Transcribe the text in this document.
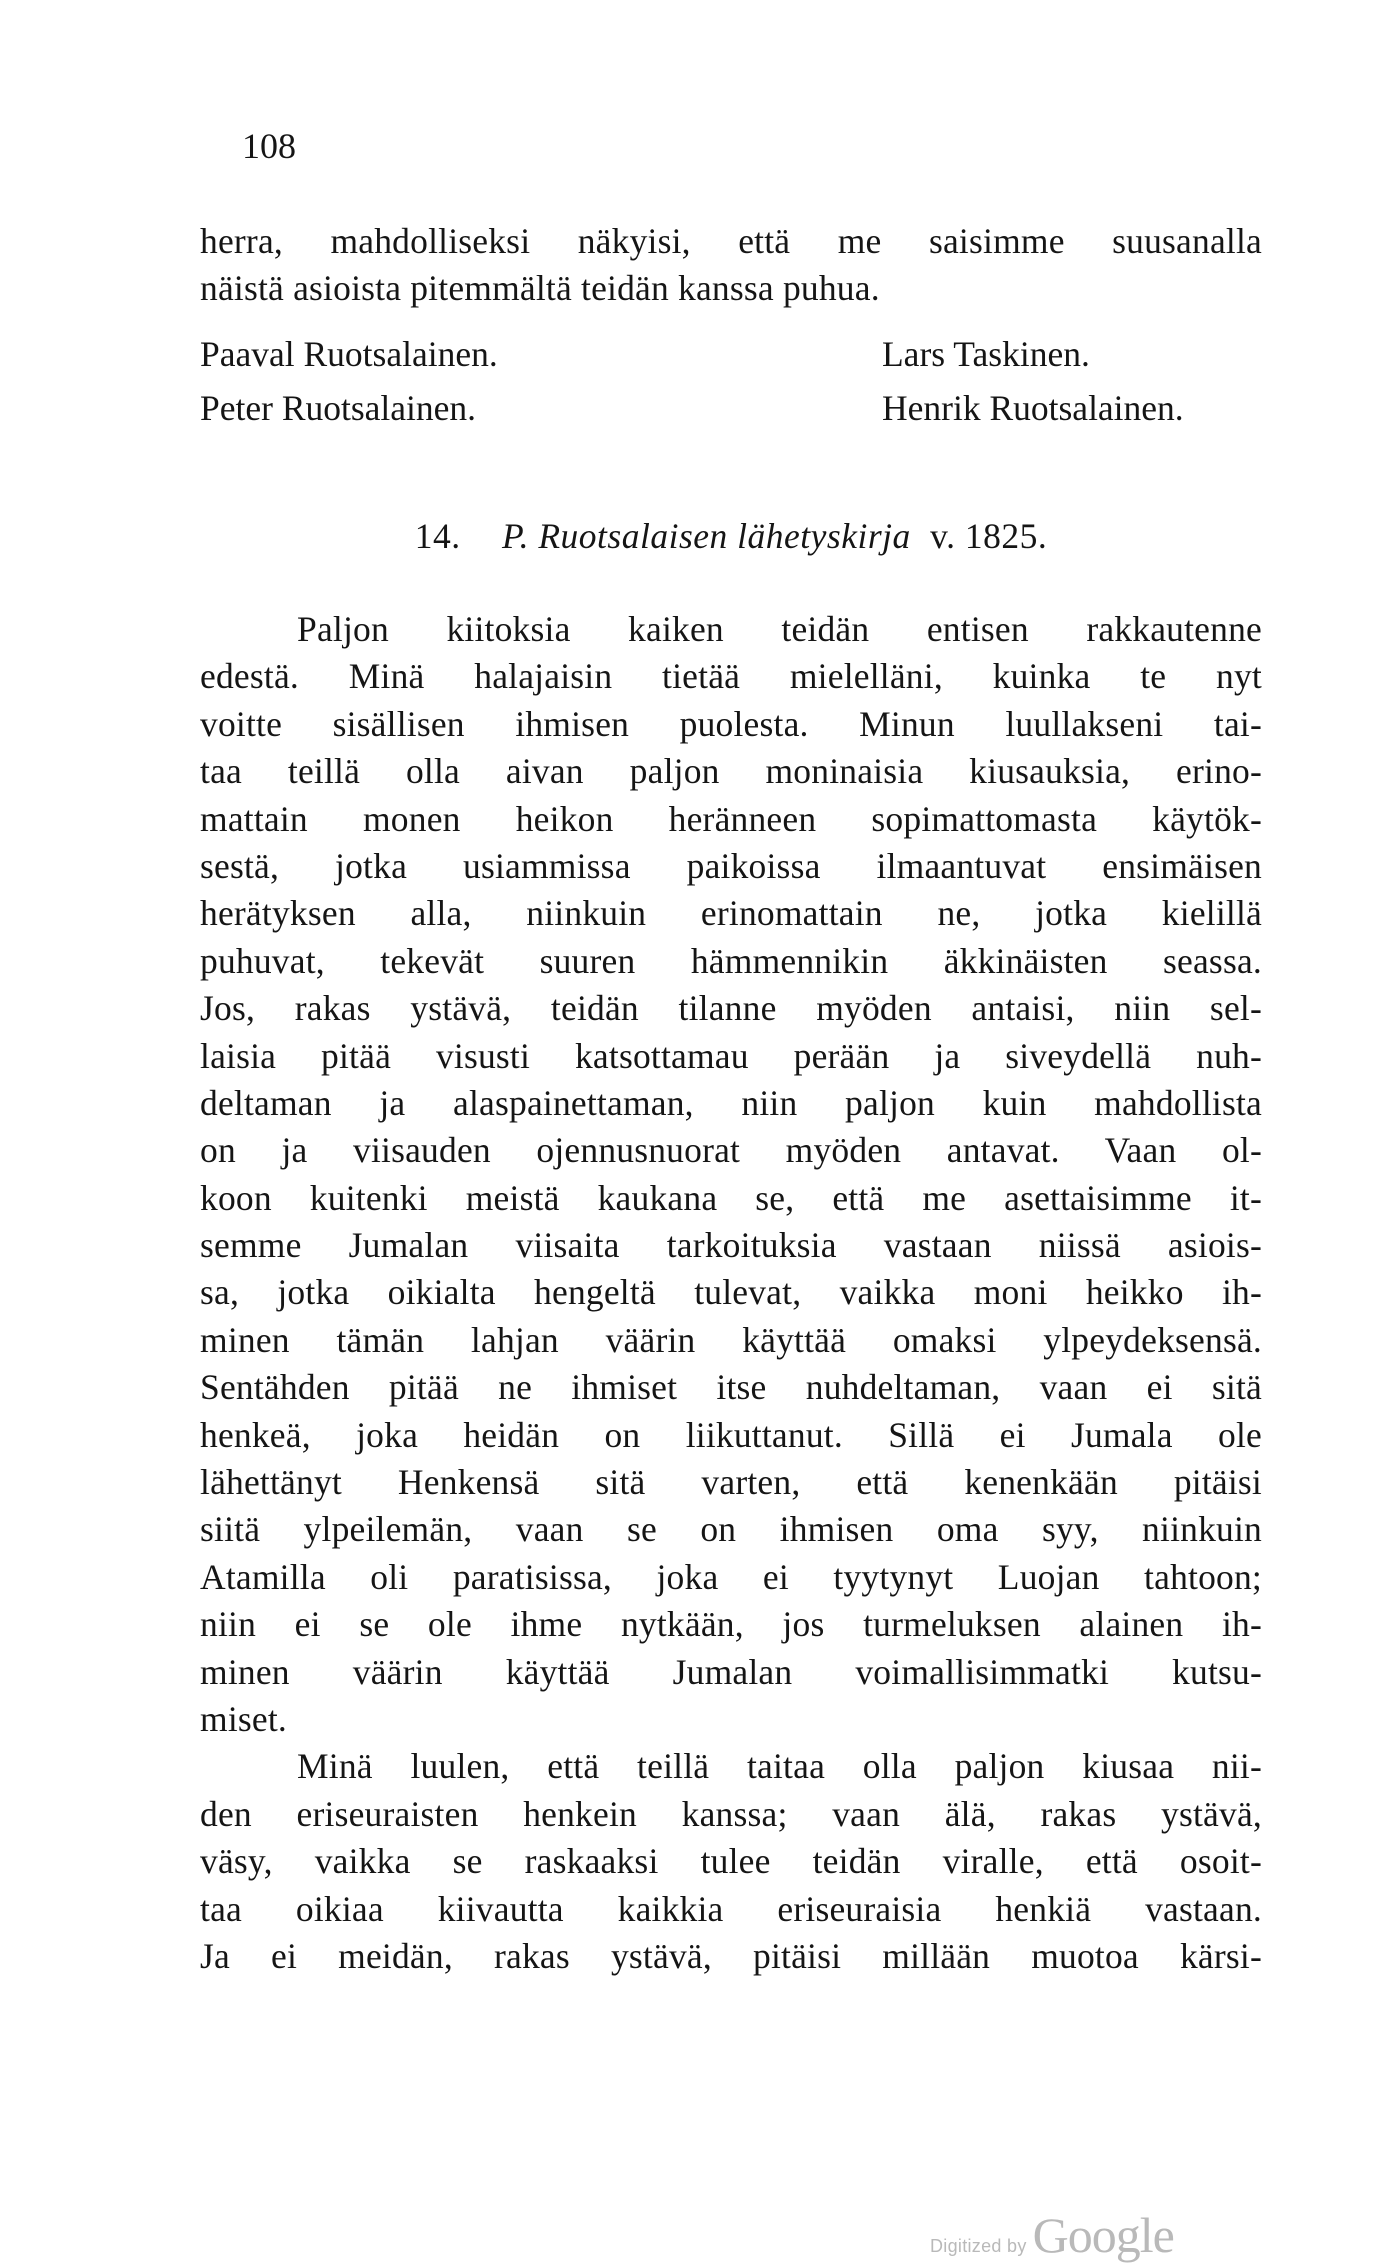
108
herra, mahdolliseksi näkyisi, että me saisimme suusanalla
näistä asioista pitemmältä teidän kanssa puhua.
Paaval Ruotsalainen.	Lars Taskinen.
Peter Ruotsalainen.	Henrik Ruotsalainen.
14. P. Ruotsalaisen lähetyskirja v. 1825.
Paljon kiitoksia kaiken teidän entisen rakkautenne
edestä. Minä halajaisin tietää mielelläni, kuinka te nyt
voitte sisällisen ihmisen puolesta. Minun luullakseni tai-
taa teillä olla aivan paljon moninaisia kiusauksia, erino-
mattain monen heikon heränneen sopimattomasta käytök-
sestä, jotka usiammissa paikoissa ilmaantuvat ensimäisen
herätyksen alla, niinkuin erinomattain ne, jotka kielillä
puhuvat, tekevät suuren hämmennikin äkkinäisten seassa.
Jos, rakas ystävä, teidän tilanne myöden antaisi, niin sel-
laisia pitää visusti katsottamau perään ja siveydellä nuh-
deltaman ja alaspainettaman, niin paljon kuin mahdollista
on ja viisauden ojennusnuorat myöden antavat. Vaan ol-
koon kuitenki meistä kaukana se, että me asettaisimme it-
semme Jumalan viisaita tarkoituksia vastaan niissä asiois-
sa, jotka oikialta hengeltä tulevat, vaikka moni heikko ih-
minen tämän lahjan väärin käyttää omaksi ylpeydeksensä.
Sentähden pitää ne ihmiset itse nuhdeltaman, vaan ei sitä
henkeä, joka heidän on liikuttanut. Sillä ei Jumala ole
lähettänyt Henkensä sitä varten, että kenenkään pitäisi
siitä ylpeilemän, vaan se on ihmisen oma syy, niinkuin
Atamilla oli paratisissa, joka ei tyytynyt Luojan tahtoon;
niin ei se ole ihme nytkään, jos turmeluksen alainen ih-
minen väärin käyttää Jumalan voimallisimmatki kutsu-
miset.
Minä luulen, että teillä taitaa olla paljon kiusaa nii-
den eriseuraisten henkein kanssa; vaan älä, rakas ystävä,
väsy, vaikka se raskaaksi tulee teidän viralle, että osoit-
taa oikiaa kiivautta kaikkia eriseuraisia henkiä vastaan.
Ja ei meidän, rakas ystävä, pitäisi millään muotoa kärsi-
Digitized by Google
